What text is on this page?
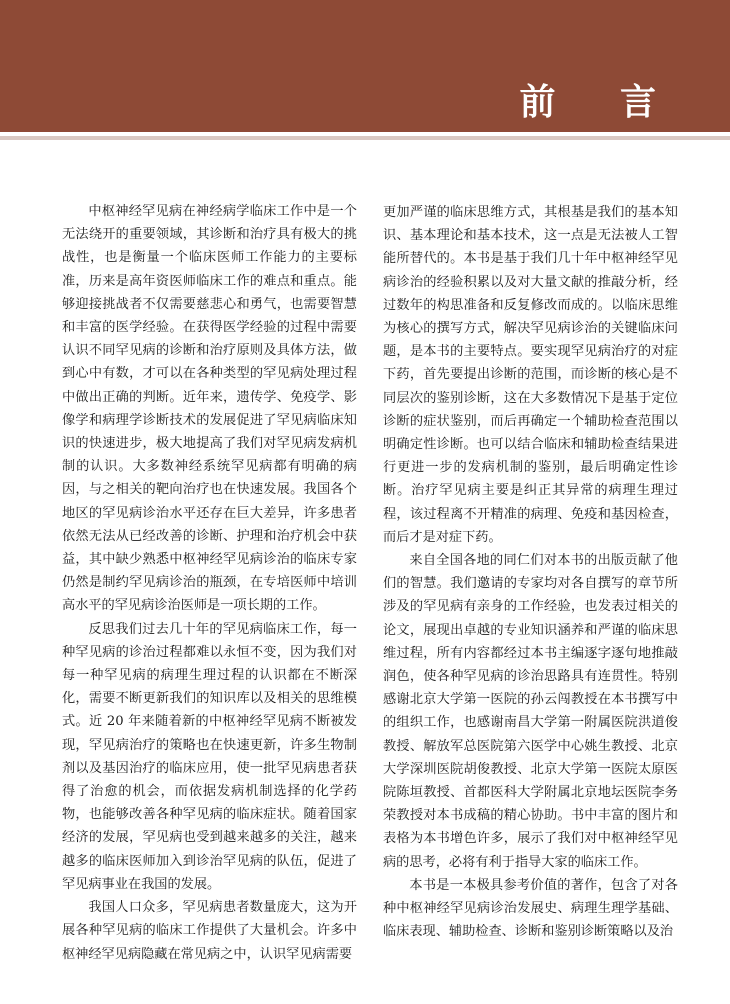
前 言

中枢神经罕见病在神经病学临床工作中是一个无法绕开的重要领域，其诊断和治疗具有极大的挑战性，也是衡量一个临床医师工作能力的主要标准，历来是高年资医师临床工作的难点和重点。能够迎接挑战者不仅需要慈悲心和勇气，也需要智慧和丰富的医学经验。在获得医学经验的过程中需要认识不同罕见病的诊断和治疗原则及具体方法，做到心中有数，才可以在各种类型的罕见病处理过程中做出正确的判断。近年来，遗传学、免疫学、影像学和病理学诊断技术的发展促进了罕见病临床知识的快速进步，极大地提高了我们对罕见病发病机制的认识。大多数神经系统罕见病都有明确的病因，与之相关的靶向治疗也在快速发展。我国各个地区的罕见病诊治水平还存在巨大差异，许多患者依然无法从已经改善的诊断、护理和治疗机会中获益，其中缺少熟悉中枢神经罕见病诊治的临床专家仍然是制约罕见病诊治的瓶颈，在专培医师中培训高水平的罕见病诊治医师是一项长期的工作。

反思我们过去几十年的罕见病临床工作，每一种罕见病的诊治过程都难以永恒不变，因为我们对每一种罕见病的病理生理过程的认识都在不断深化，需要不断更新我们的知识库以及相关的思维模式。近 20 年来随着新的中枢神经罕见病不断被发现，罕见病治疗的策略也在快速更新，许多生物制剂以及基因治疗的临床应用，使一批罕见病患者获得了治愈的机会，而依据发病机制选择的化学药物，也能够改善各种罕见病的临床症状。随着国家经济的发展，罕见病也受到越来越多的关注，越来越多的临床医师加入到诊治罕见病的队伍，促进了罕见病事业在我国的发展。

我国人口众多，罕见病患者数量庞大，这为开展各种罕见病的临床工作提供了大量机会。许多中枢神经罕见病隐藏在常见病之中，认识罕见病需要

更加严谨的临床思维方式，其根基是我们的基本知识、基本理论和基本技术，这一点是无法被人工智能所替代的。本书是基于我们几十年中枢神经罕见病诊治的经验积累以及对大量文献的推敲分析，经过数年的构思准备和反复修改而成的。以临床思维为核心的撰写方式，解决罕见病诊治的关键临床问题，是本书的主要特点。要实现罕见病治疗的对症下药，首先要提出诊断的范围，而诊断的核心是不同层次的鉴别诊断，这在大多数情况下是基于定位诊断的症状鉴别，而后再确定一个辅助检查范围以明确定性诊断。也可以结合临床和辅助检查结果进行更进一步的发病机制的鉴别，最后明确定性诊断。治疗罕见病主要是纠正其异常的病理生理过程，该过程离不开精准的病理、免疫和基因检查，而后才是对症下药。

来自全国各地的同仁们对本书的出版贡献了他们的智慧。我们邀请的专家均对各自撰写的章节所涉及的罕见病有亲身的工作经验，也发表过相关的论文，展现出卓越的专业知识涵养和严谨的临床思维过程，所有内容都经过本书主编逐字逐句地推敲润色，使各种罕见病的诊治思路具有连贯性。特别感谢北京大学第一医院的孙云闯教授在本书撰写中的组织工作，也感谢南昌大学第一附属医院洪道俊教授、解放军总医院第六医学中心姚生教授、北京大学深圳医院胡俊教授、北京大学第一医院太原医院陈垣教授、首都医科大学附属北京地坛医院李务荣教授对本书成稿的精心协助。书中丰富的图片和表格为本书增色许多，展示了我们对中枢神经罕见病的思考，必将有利于指导大家的临床工作。

本书是一本极具参考价值的著作，包含了对各种中枢神经罕见病诊治发展史、病理生理学基础、临床表现、辅助检查、诊断和鉴别诊断策略以及治
